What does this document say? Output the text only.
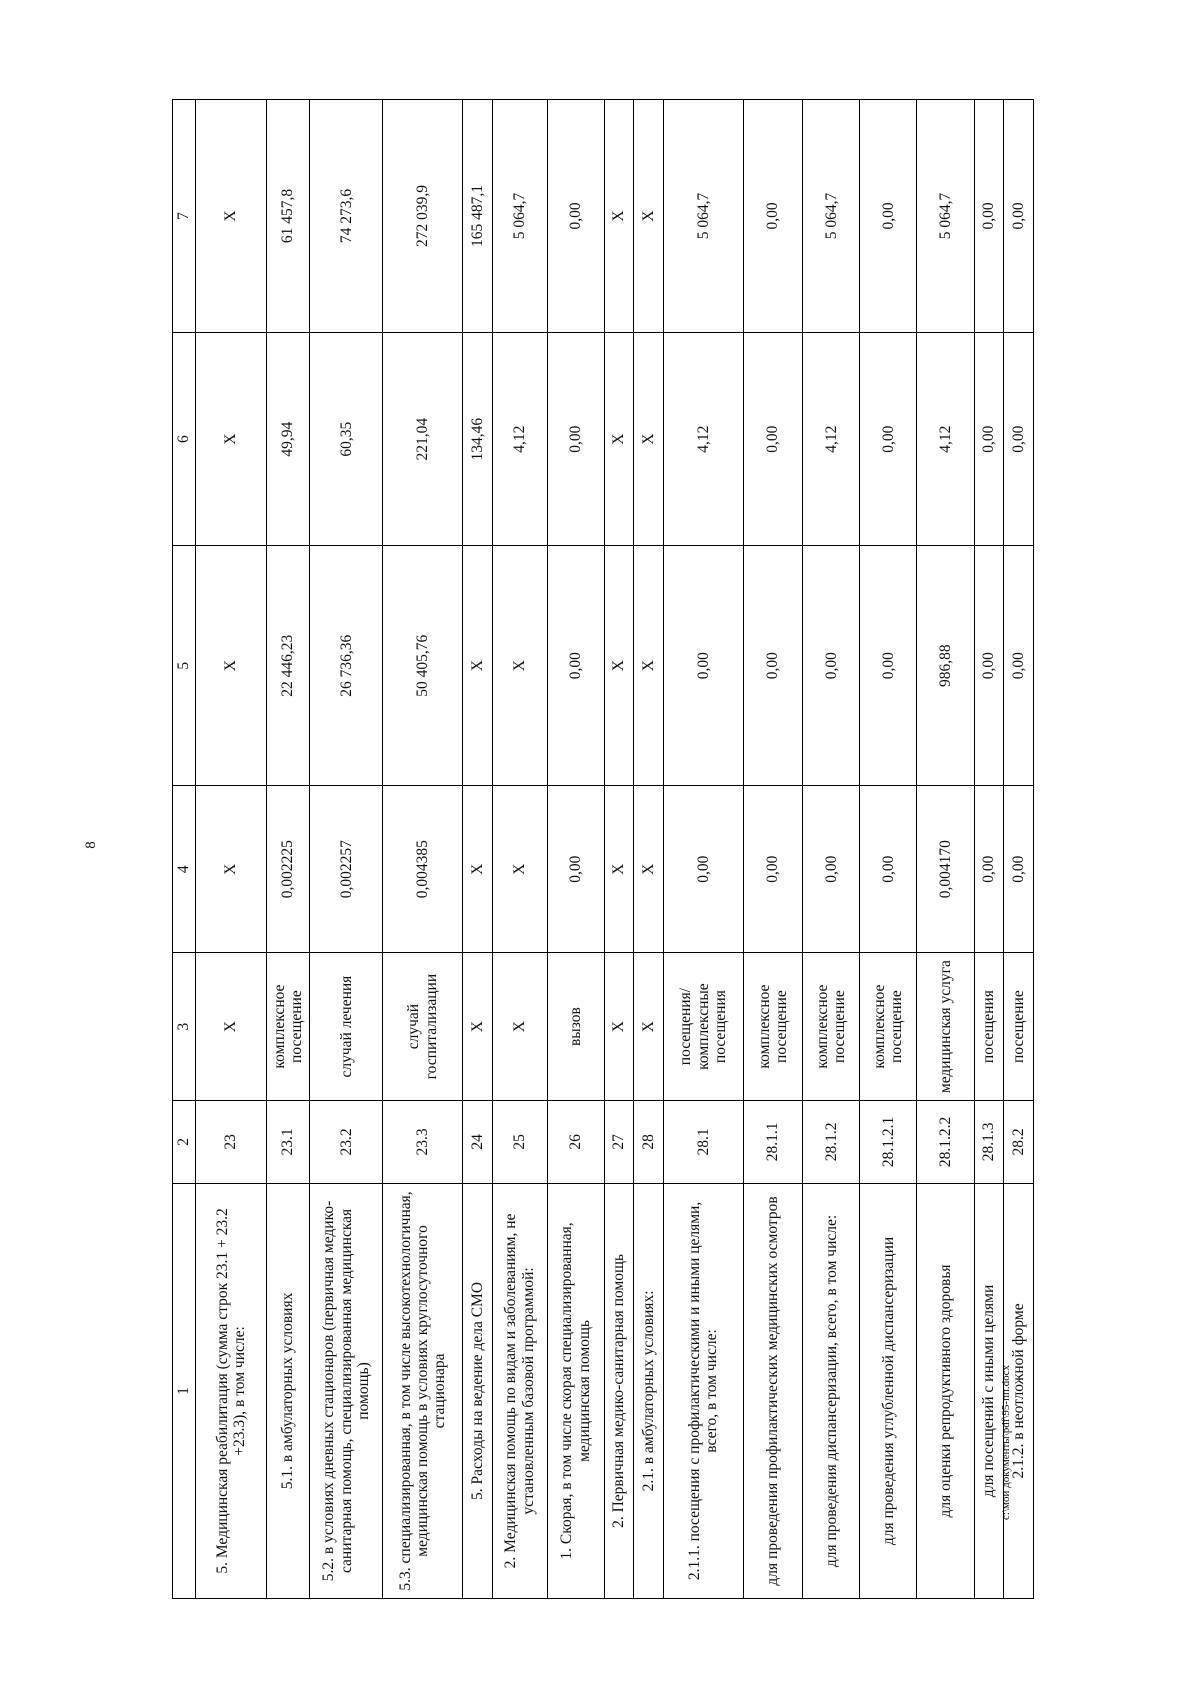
8
1	2	3	4	5	6	7
5. Медицинская реабилитация (сумма строк 23.1 + 23.2 +23.3), в том числе:	23	Х	Х	Х	Х	Х
5.1. в амбулаторных условиях	23.1	комплексное посещение	0,002225	22 446,23	49,94	61 457,8
5.2. в условиях дневных стационаров (первичная медико-санитарная помощь, специализированная медицинская помощь)	23.2	случай лечения	0,002257	26 736,36	60,35	74 273,6
5.3. специализированная, в том числе высокотехнологичная, медицинская помощь в условиях круглосуточного стационара	23.3	случай госпитализации	0,004385	50 405,76	221,04	272 039,9
5. Расходы на ведение дела СМО	24	Х	Х	Х	134,46	165 487,1
2. Медицинская помощь по видам и заболеваниям, не установленным базовой программой:	25	Х	Х	Х	4,12	5 064,7
1. Скорая, в том числе скорая специализированная, медицинская помощь	26	вызов	0,00	0,00	0,00	0,00
2. Первичная медико-санитарная помощь	27	Х	Х	Х	Х	Х
2.1. в амбулаторных условиях:	28	Х	Х	Х	Х	Х
2.1.1. посещения с профилактическими и иными целями, всего, в том числе:	28.1	посещения/ комплексные посещения	0,00	0,00	4,12	5 064,7
для проведения профилактических медицинских осмотров	28.1.1	комплексное посещение	0,00	0,00	0,00	0,00
для проведения диспансеризации, всего, в том числе:	28.1.2	комплексное посещение	0,00	0,00	4,12	5 064,7
для проведения углубленной диспансеризации	28.1.2.1	комплексное посещение	0,00	0,00	0,00	0,00
для оценки репродуктивного здоровья	28.1.2.2	медицинская услуга	0,004170	986,88	4,12	5 064,7
для посещений с иными целями	28.1.3	посещения	0,00	0,00	0,00	0,00
2.1.2. в неотложной форме	28.2	посещение	0,00	0,00	0,00	0,00
c:\мои документы\pdf\95-пп.docx
